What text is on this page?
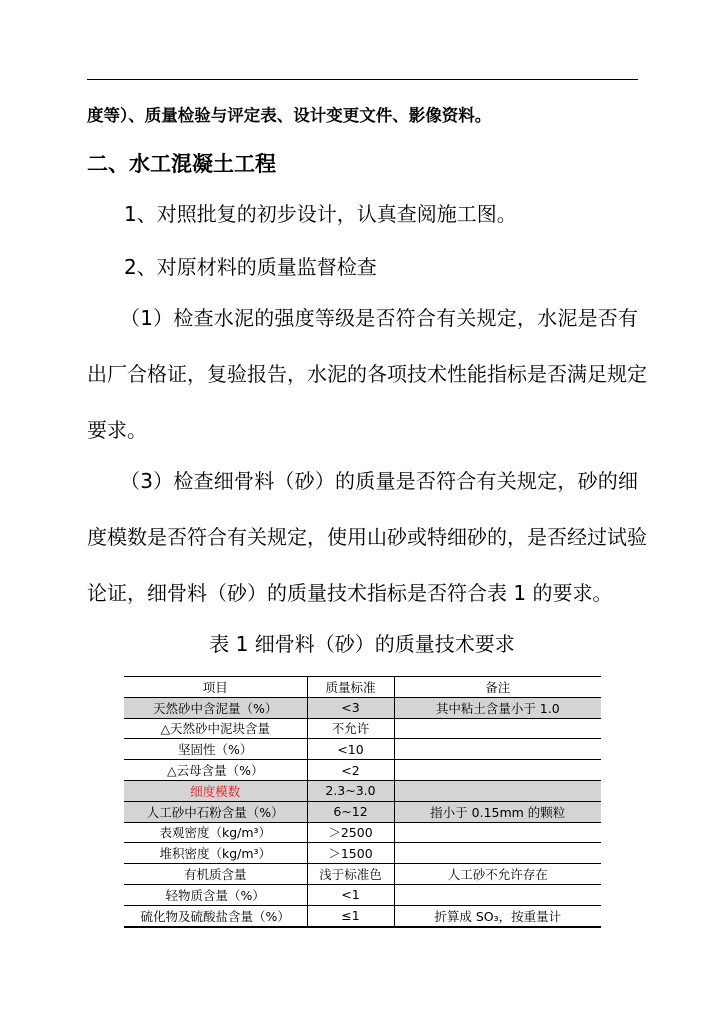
度等）、质量检验与评定表、设计变更文件、影像资料。
二、水工混凝土工程
1、对照批复的初步设计，认真查阅施工图。
2、对原材料的质量监督检查
（1）检查水泥的强度等级是否符合有关规定，水泥是否有
出厂合格证，复验报告，水泥的各项技术性能指标是否满足规定
要求。
（3）检查细骨料（砂）的质量是否符合有关规定，砂的细
度模数是否符合有关规定，使用山砂或特细砂的，是否经过试验
论证，细骨料（砂）的质量技术指标是否符合表 1 的要求。
表 1 细骨料（砂）的质量技术要求
项目	质量标准	备注
天然砂中含泥量（%）	<3	其中粘土含量小于 1.0
△天然砂中泥块含量	不允许	
坚固性（%）	<10	
△云母含量（%）	<2	
细度模数	2.3~3.0	
人工砂中石粉含量（%）	6~12	指小于 0.15mm 的颗粒
表观密度（kg/m³）	＞2500	
堆积密度（kg/m³）	＞1500	
有机质含量	浅于标准色	人工砂不允许存在
轻物质含量（%）	<1	
硫化物及硫酸盐含量（%）	≤1	折算成 SO₃，按重量计
